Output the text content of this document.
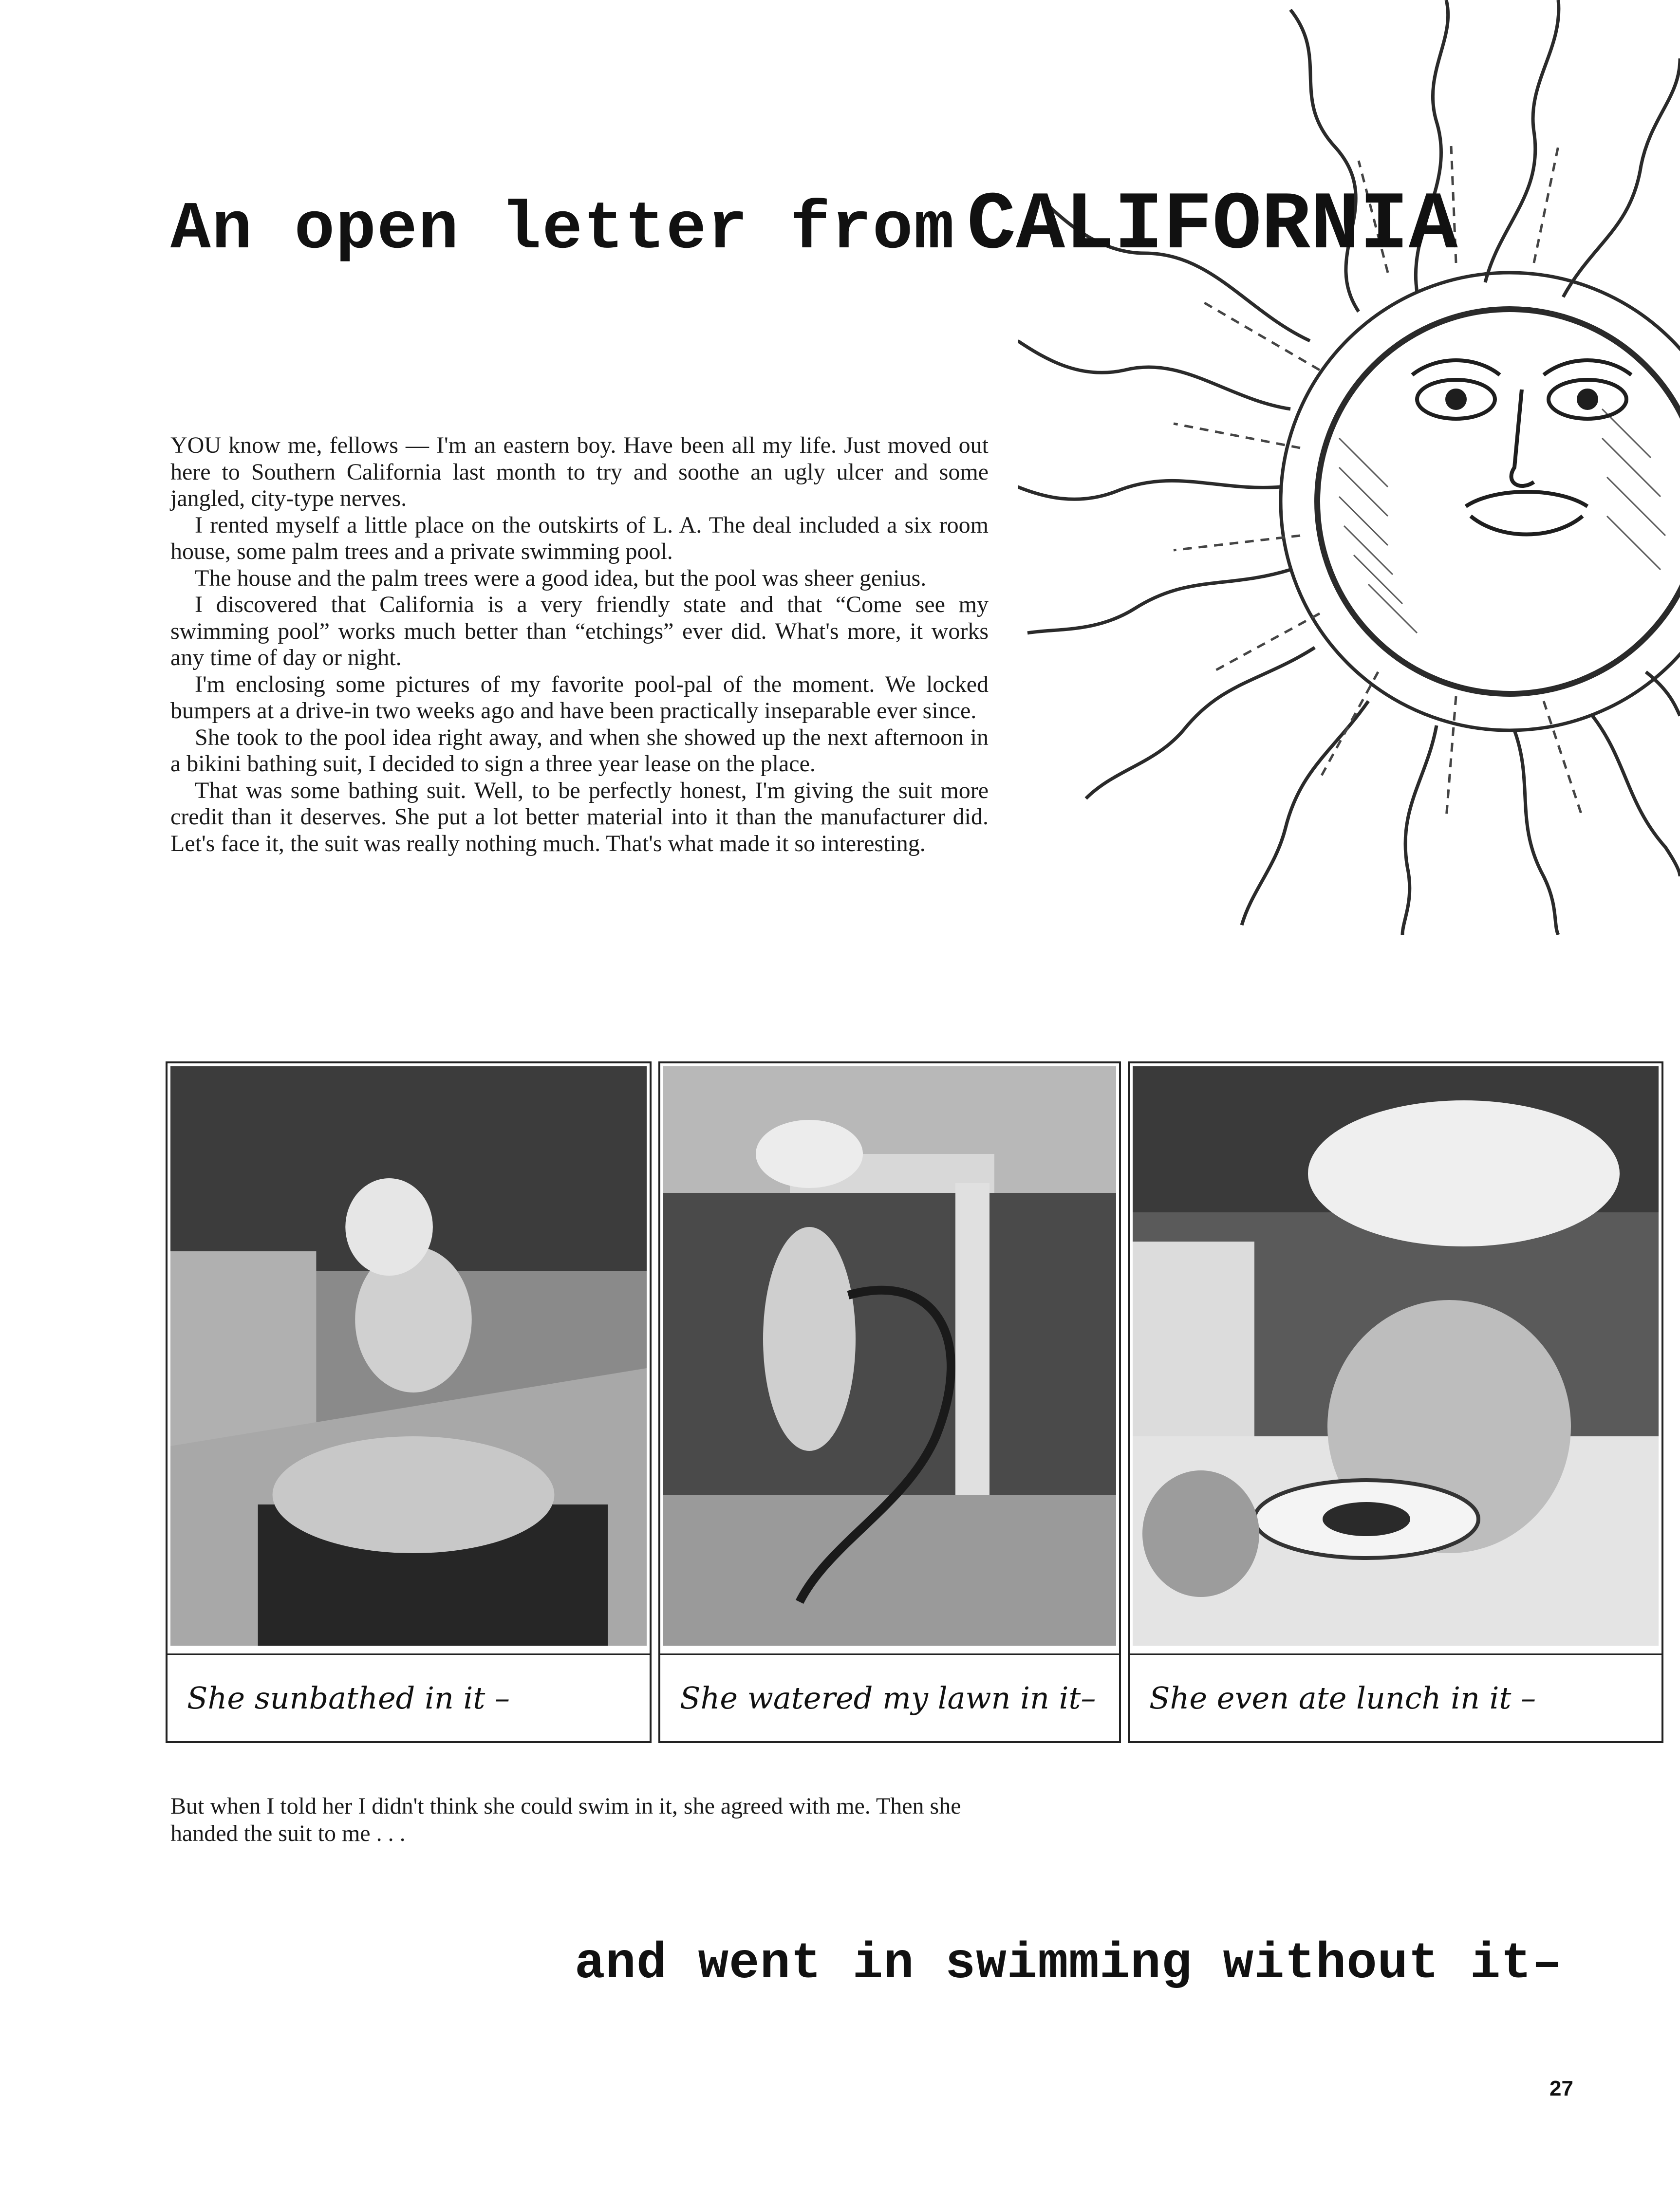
An open letter from CALIFORNIA

YOU know me, fellows — I'm an eastern boy. Have been all my life. Just moved out here to Southern California last month to try and soothe an ugly ulcer and some jangled, city-type nerves.

I rented myself a little place on the outskirts of L. A. The deal included a six room house, some palm trees and a private swimming pool.

The house and the palm trees were a good idea, but the pool was sheer genius.

I discovered that California is a very friendly state and that “Come see my swimming pool” works much better than “etchings” ever did. What's more, it works any time of day or night.

I'm enclosing some pictures of my favorite pool-pal of the moment. We locked bumpers at a drive-in two weeks ago and have been practically inseparable ever since.

She took to the pool idea right away, and when she showed up the next afternoon in a bikini bathing suit, I decided to sign a three year lease on the place.

That was some bathing suit. Well, to be perfectly honest, I'm giving the suit more credit than it deserves. She put a lot better material into it than the manufacturer did. Let's face it, the suit was really nothing much. That's what made it so interesting.

She sunbathed in it –	She watered my lawn in it–	She even ate lunch in it –
But when I told her I didn't think she could swim in it, she agreed with me. Then she handed the suit to me . . .
and went in swimming without it–
27
